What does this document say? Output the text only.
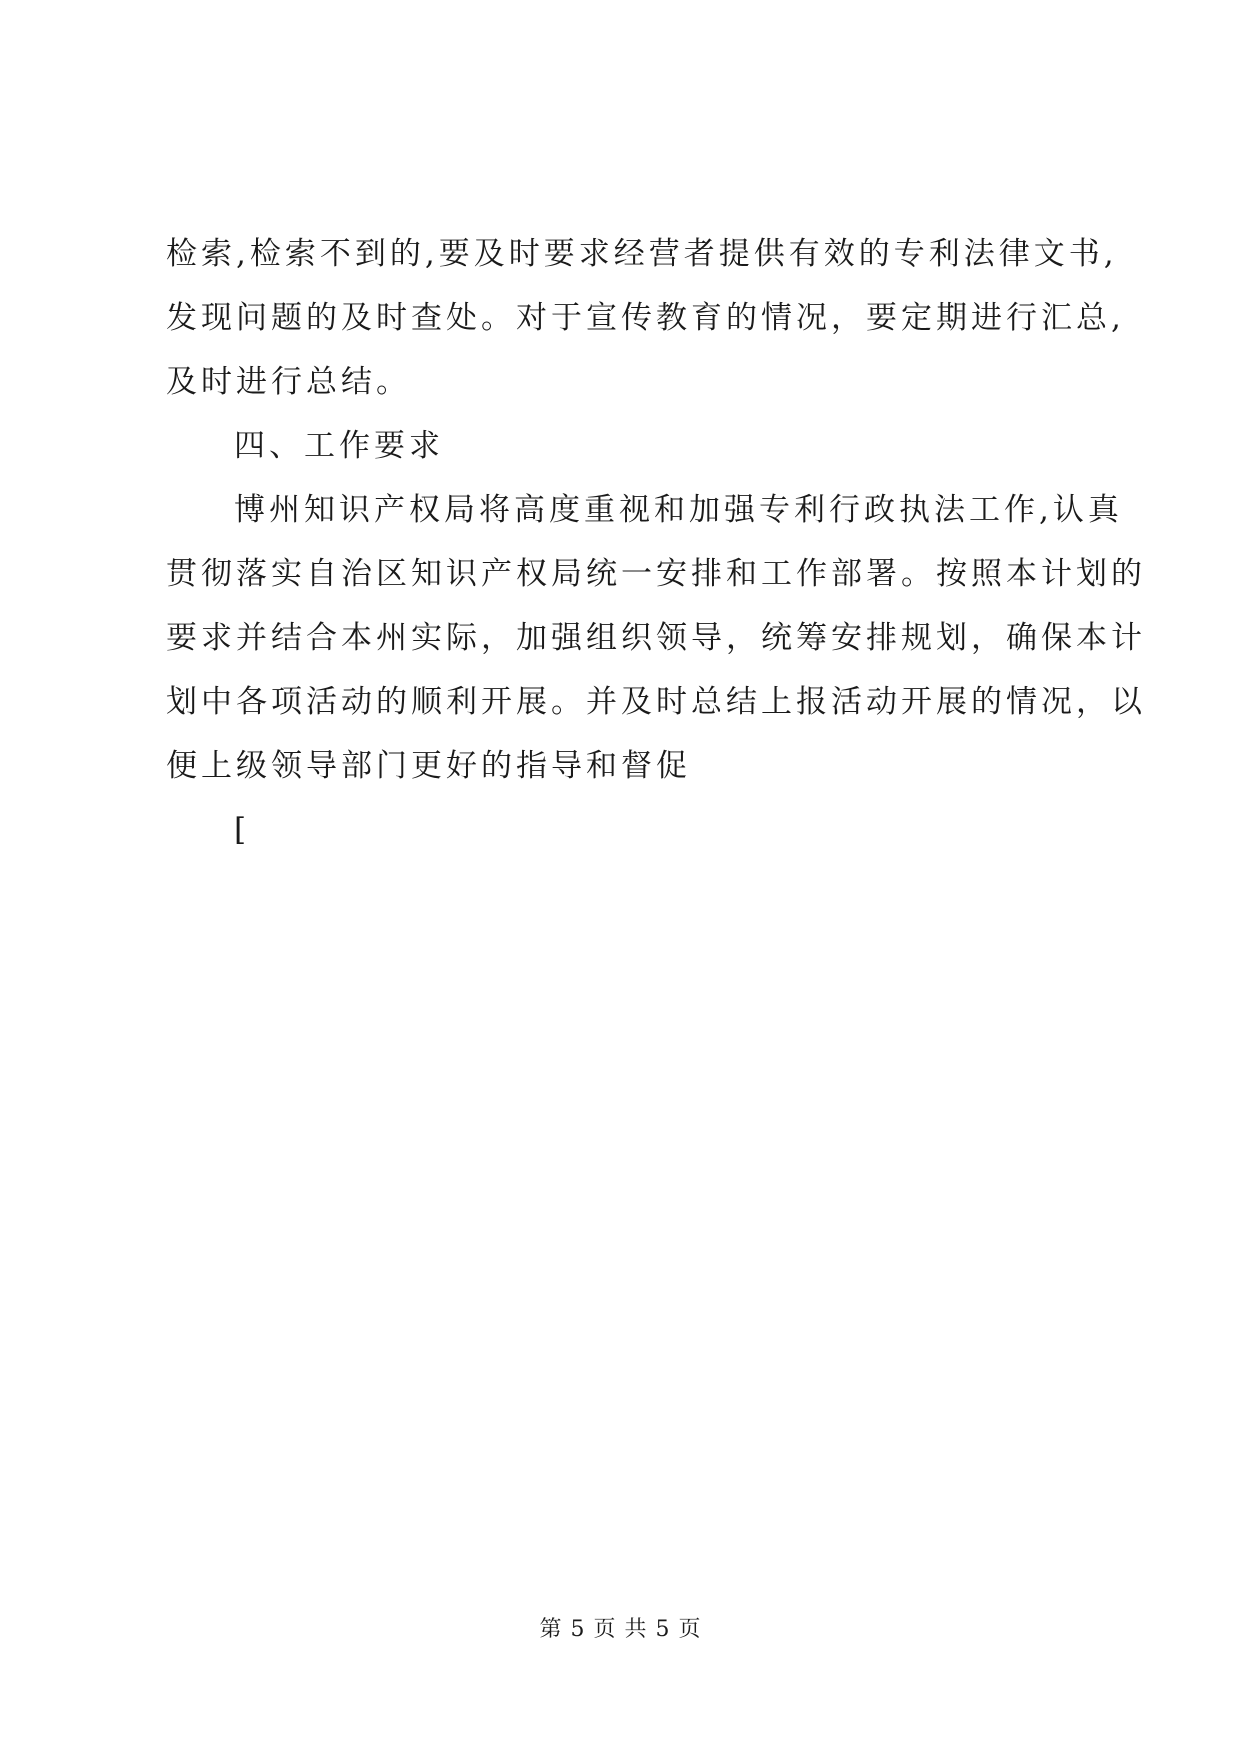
检索,检索不到的,要及时要求经营者提供有效的专利法律文书,
发现问题的及时查处。对于宣传教育的情况，要定期进行汇总,
及时进行总结。
四、工作要求
博州知识产权局将高度重视和加强专利行政执法工作,认真
贯彻落实自治区知识产权局统一安排和工作部署。按照本计划的
要求并结合本州实际，加强组织领导，统筹安排规划，确保本计
划中各项活动的顺利开展。并及时总结上报活动开展的情况，以
便上级领导部门更好的指导和督促
[
第 5 页 共 5 页
